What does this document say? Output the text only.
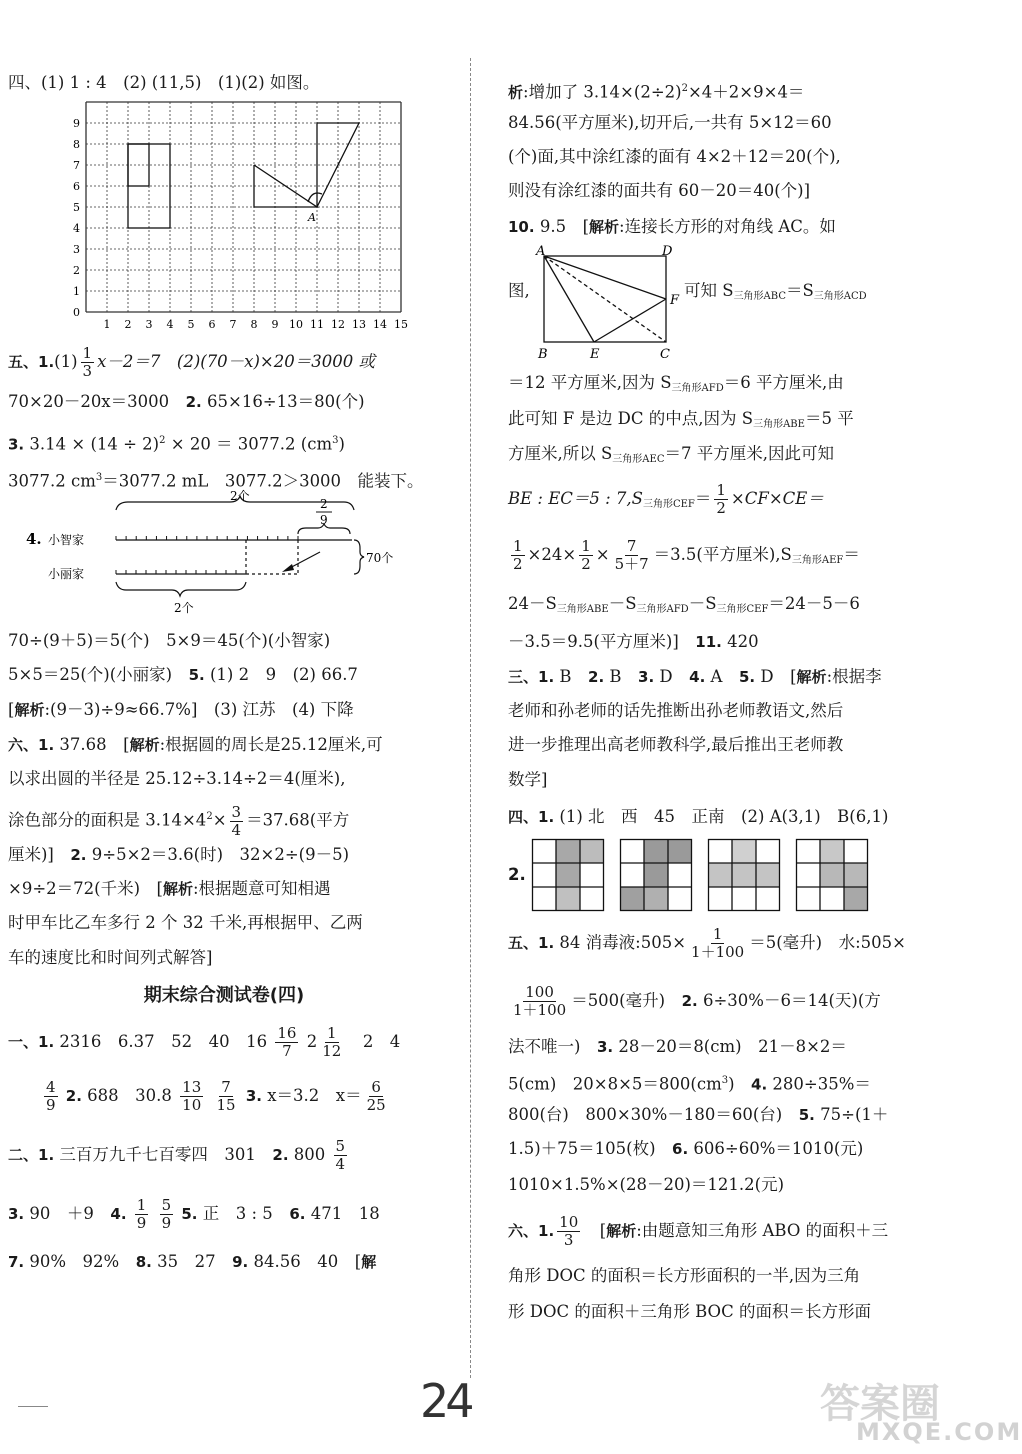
四、(1) 1 : 4　(2) (11,5)　(1)(2) 如图。
1 2 3 4 5 6 7 8 9 10 11 12 13 14 15
0
1
2
3
4
5
6
7
8
9
A
五、$1.(1) \frac{1}{3} x-2=7$　(2)(70－x)×20＝3000 或
70×20－20x＝3000　2. 65×16÷13＝80(个)
3. $3.14 \times (14 \div 2)^2 \times 20 = 3077.2$ $(cm^3)$
3077.2 $cm^3=3077.2$ mL　3077.2＞3000　能装下。
2个
2
9
4. 小智家
小丽家
70个
2个
70÷(9＋5)＝5(个)　5×9＝45(个)(小智家)
5×5＝25(个)(小丽家)　5. (1) 2　9　(2) 66.7
[解析:(9－3)÷9≈66.7%]　(3) 江苏　(4) 下降
六、1. 37.68　[解析:根据圆的周长是25.12厘米,可
以求出圆的半径是 25.12÷3.14÷2＝4(厘米),
涂色部分的面积是 $3.14\times 4^2\times \frac{3}{4} =37.68$(平方
厘米)]　2. 9÷5×2＝3.6(时)　32×2÷(9－5)
×9÷2＝72(千米)　[解析:根据题意可知相遇
时甲车比乙车多行 2 个 32 千米,再根据甲、乙两
车的速度比和时间列式解答]
期末综合测试卷(四)
一、1. 2316　6.37　52　40　$16 \frac{16}{7} 2 \frac{1}{12}$ 　2　4
$\frac{4}{9} 2$. 688　$30.8 \frac{13}{10}$
$\frac{7}{15} 3$. x＝3.2　$x= \frac{6}{25}$
二、1. 三百万九千七百零四　301　2. $800 \frac{5}{4}$
3. 90　＋9　4. $\frac{1}{9}$
$\frac{5}{9} 5$. 正　3 : 5　6. 471　18
7. 90%　92%　8. 35　27　9. 84.56　40　[解
析:增加了 $3.14\times(2\div 2)^2\times 4+2\times 9\times 4=$
84.56(平方厘米),切开后,一共有 5×12＝60
(个)面,其中涂红漆的面有 4×2＋12＝20(个),
则没有涂红漆的面共有 60－20＝40(个)]
10. 9.5　[解析:连接长方形的对角线 AC。如
图,
A	D
B	E	C
F
可知 $S_{三角形ABC}=S_{三角形ACD}$
＝12 平方厘米,因为 $S_{三角形AFD}=6$ 平方厘米,由
此可知 F 是边 DC 的中点,因为 $S_{三角形ABE}=5$ 平
方厘米,所以 $S_{三角形AEC}=7$ 平方厘米,因此可知
BE : EC＝5 : $7,S_{三角形CEF}= \frac{1}{2} \times CF\times CE=$
$\frac{1}{2} \times 24\times \frac{1}{2} \times \frac{7}{5+7} =3.5$(平方厘米)$,S_{三角形AEF}=$
$24-S_{三角形ABE}-S_{三角形AFD}-S_{三角形CEF}=24-5-6$
－3.5＝9.5(平方厘米)]　11. 420
三、1. B　2. B　3. D　4. A　5. D　[解析:根据李
老师和孙老师的话先推断出孙老师教语文,然后
进一步推理出高老师教科学,最后推出王老师教
数学]
四、1. (1) 北　西　45　正南　(2) A(3,1)　B(6,1)
2.
五、1. 84 消毒液:505× $\frac{1}{1+100} =5$(毫升)　水:505×
$\frac{100}{1+100} =500$(毫升)　2. 6÷30%－6＝14(天)(方
法不唯一)　3. 28－20＝8(cm)　21－8×2＝
5(cm)　$20\times 8\times 5=800(cm^3)$　4. 280÷35%＝
800(台)　800×30%－180＝60(台)　5. 75÷(1＋
1.5)＋75＝105(枚)　6. 606÷60%＝1010(元)
1010×1.5%×(28－20)＝121.2(元)
六、1. $\frac{10}{3}$ 　[解析:由题意知三角形 ABO 的面积＋三
角形 DOC 的面积＝长方形面积的一半,因为三角
形 DOC 的面积＋三角形 BOC 的面积＝长方形面
24	答案圈
MXQE.COM
